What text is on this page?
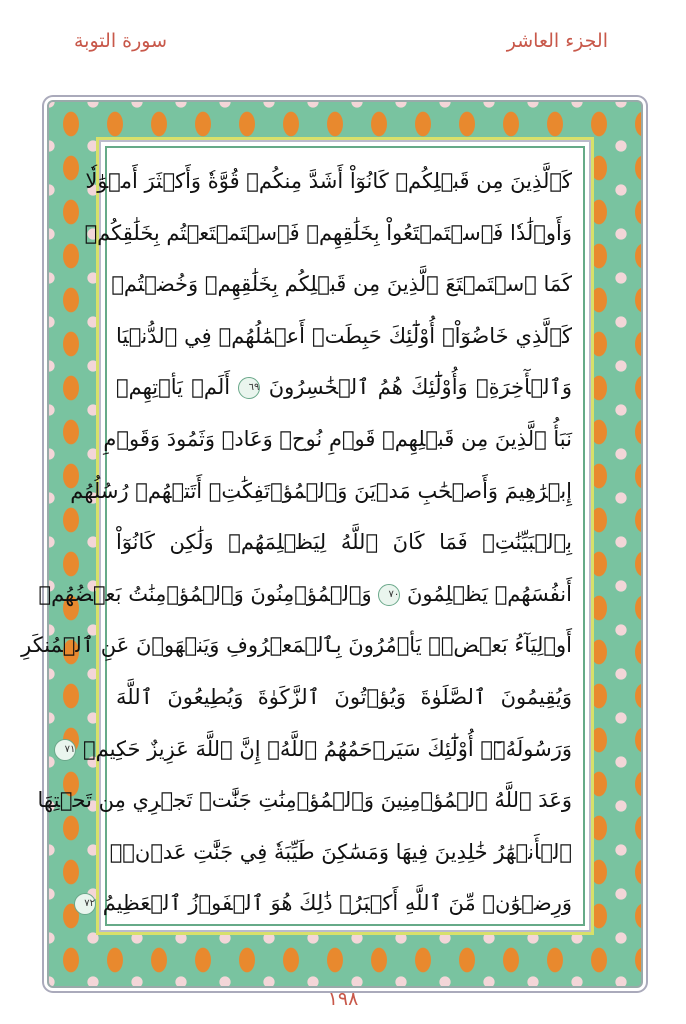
الجزء العاشر
سورة التوبة
كَٱلَّذِينَ مِن قَبۡلِكُمۡ كَانُوٓاْ أَشَدَّ مِنكُمۡ قُوَّةٗ وَأَكۡثَرَ أَمۡوَٰلٗا
وَأَوۡلَٰدٗا فَٱسۡتَمۡتَعُواْ بِخَلَٰقِهِمۡ فَٱسۡتَمۡتَعۡتُم بِخَلَٰقِكُمۡ
كَمَا ٱسۡتَمۡتَعَ ٱلَّذِينَ مِن قَبۡلِكُم بِخَلَٰقِهِمۡ وَخُضۡتُمۡ
كَٱلَّذِي خَاضُوٓاْۚ أُوْلَٰٓئِكَ حَبِطَتۡ أَعۡمَٰلُهُمۡ فِي ٱلدُّنۡيَا
وَٱلۡأٓخِرَةِۖ وَأُوْلَٰٓئِكَ هُمُ ٱلۡخَٰسِرُونَ ٦٩ أَلَمۡ يَأۡتِهِمۡ
نَبَأُ ٱلَّذِينَ مِن قَبۡلِهِمۡ قَوۡمِ نُوحٖ وَعَادٖ وَثَمُودَ وَقَوۡمِ
إِبۡرَٰهِيمَ وَأَصۡحَٰبِ مَدۡيَنَ وَٱلۡمُؤۡتَفِكَٰتِۚ أَتَتۡهُمۡ رُسُلُهُم
بِٱلۡبَيِّنَٰتِۖ فَمَا كَانَ ٱللَّهُ لِيَظۡلِمَهُمۡ وَلَٰكِن كَانُوٓاْ
أَنفُسَهُمۡ يَظۡلِمُونَ ٧٠ وَٱلۡمُؤۡمِنُونَ وَٱلۡمُؤۡمِنَٰتُ بَعۡضُهُمۡ
أَوۡلِيَآءُ بَعۡضٖۚ يَأۡمُرُونَ بِٱلۡمَعۡرُوفِ وَيَنۡهَوۡنَ عَنِ ٱلۡمُنكَرِ
وَيُقِيمُونَ ٱلصَّلَوٰةَ وَيُؤۡتُونَ ٱلزَّكَوٰةَ وَيُطِيعُونَ ٱللَّهَ
وَرَسُولَهُۥٓۚ أُوْلَٰٓئِكَ سَيَرۡحَمُهُمُ ٱللَّهُۗ إِنَّ ٱللَّهَ عَزِيزٌ حَكِيمٞ ٧١
وَعَدَ ٱللَّهُ ٱلۡمُؤۡمِنِينَ وَٱلۡمُؤۡمِنَٰتِ جَنَّٰتٖ تَجۡرِي مِن تَحۡتِهَا
ٱلۡأَنۡهَٰرُ خَٰلِدِينَ فِيهَا وَمَسَٰكِنَ طَيِّبَةٗ فِي جَنَّٰتِ عَدۡنٖۚ
وَرِضۡوَٰنٞ مِّنَ ٱللَّهِ أَكۡبَرُۚ ذَٰلِكَ هُوَ ٱلۡفَوۡزُ ٱلۡعَظِيمُ ٧٢
١٩٨
